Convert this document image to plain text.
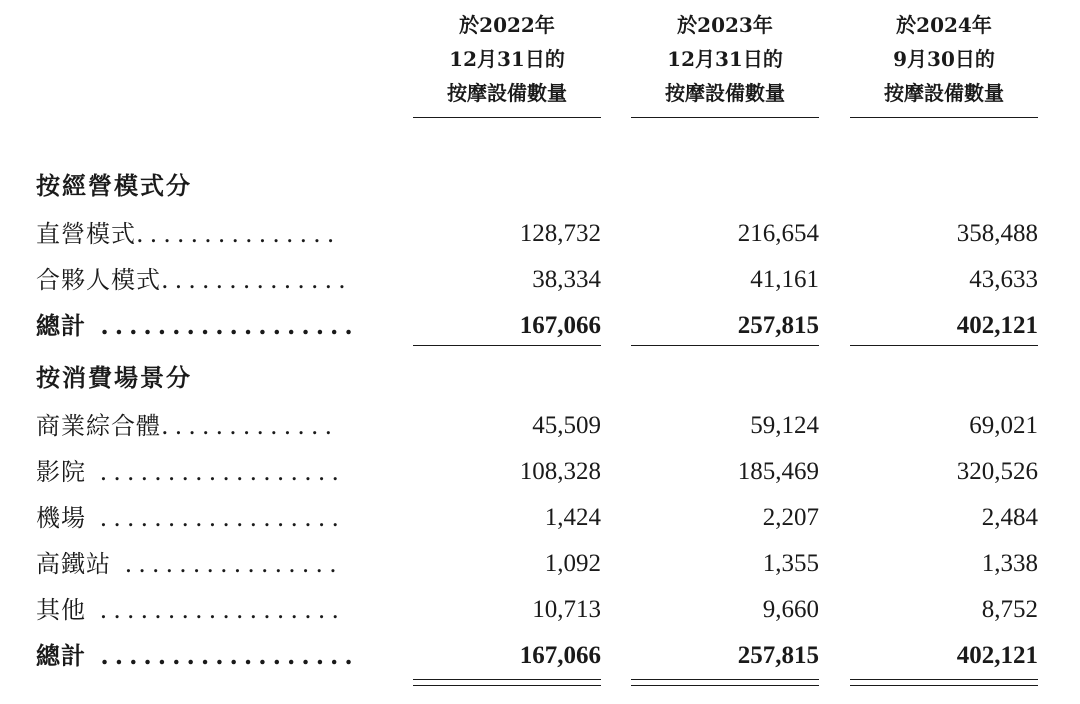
於2022年
12月31日的
按摩設備數量
於2023年
12月31日的
按摩設備數量
於2024年
9月30日的
按摩設備數量
按經營模式分
直營模式...............	128,732	216,654	358,488
合夥人模式..............	38,334	41,161	43,633
總計 ..................	167,066	257,815	402,121
按消費場景分
商業綜合體.............	45,509	59,124	69,021
影院 ..................	108,328	185,469	320,526
機場 ..................	1,424	2,207	2,484
高鐵站 ................	1,092	1,355	1,338
其他 ..................	10,713	9,660	8,752
總計 ..................	167,066	257,815	402,121
